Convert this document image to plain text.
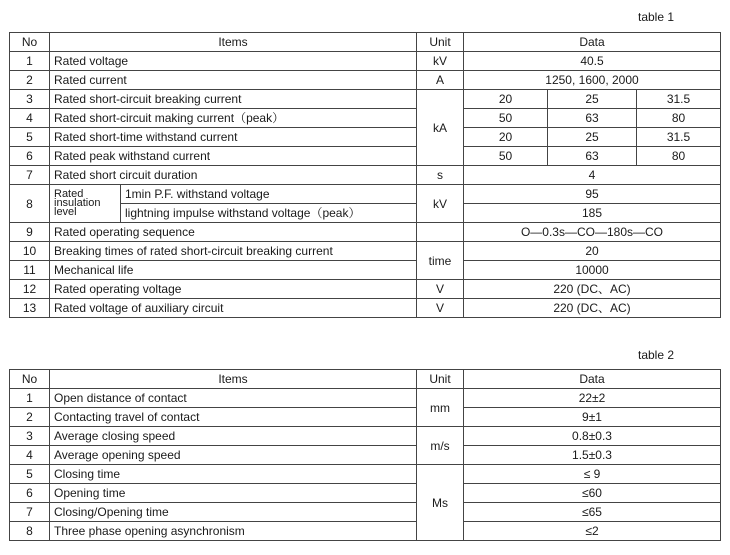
table 1
No	Items		Unit	Data		
1	Rated voltage		kV	40.5		
2	Rated current		A	1250, 1600, 2000		
3	Rated short-circuit breaking current		kA	20	25	31.5
4	Rated short-circuit making current（peak）			50	63	80
5	Rated short-time withstand current			20	25	31.5
6	Rated peak withstand current			50	63	80
7	Rated short circuit duration		s	4		
8	Rated insulation level	1min P.F. withstand voltage	kV	95		
		lightning impulse withstand voltage（peak）		185		
9	Rated operating sequence			O—0.3s—CO—180s—CO		
10	Breaking times of rated short-circuit breaking current		time	20		
11	Mechanical life			10000		
12	Rated operating voltage		V	220 (DC、AC)		
13	Rated voltage of auxiliary circuit		V	220 (DC、AC)		
table 2
No	Items	Unit	Data
1	Open distance of contact	mm	22±2
2	Contacting travel of contact		9±1
3	Average closing speed	m/s	0.8±0.3
4	Average opening speed		1.5±0.3
5	Closing time	Ms	≤ 9
6	Opening time		≤60
7	Closing/Opening time		≤65
8	Three phase opening asynchronism		≤2
